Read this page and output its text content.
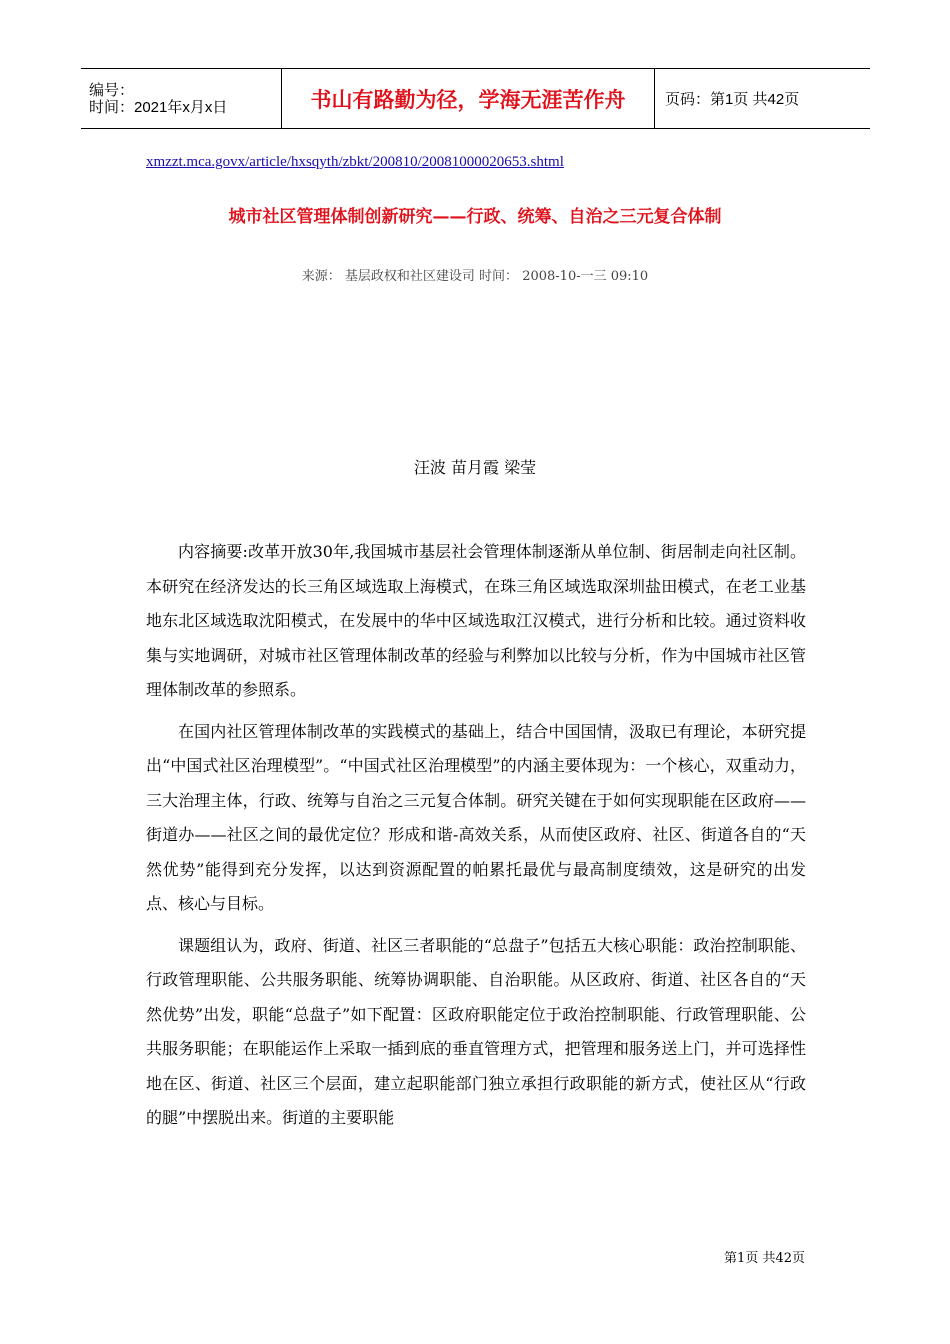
编号：
时间：2021年x月x日	书山有路勤为径，学海无涯苦作舟	页码：第1页 共42页
xmzzt.mca.govx/article/hxsqyth/zbkt/200810/20081000020653.shtml
城市社区管理体制创新研究——行政、统筹、自治之三元复合体制
来源： 基层政权和社区建设司 时间： 2008-10-一三 09:10
汪波 苗月霞 梁莹

内容摘要:改革开放30年,我国城市基层社会管理体制逐渐从单位制、街居制走向社区制。本研究在经济发达的长三角区域选取上海模式，在珠三角区域选取深圳盐田模式，在老工业基地东北区域选取沈阳模式，在发展中的华中区域选取江汉模式，进行分析和比较。通过资料收集与实地调研，对城市社区管理体制改革的经验与利弊加以比较与分析，作为中国城市社区管理体制改革的参照系。

在国内社区管理体制改革的实践模式的基础上，结合中国国情，汲取已有理论，本研究提出“中国式社区治理模型”。“中国式社区治理模型”的内涵主要体现为：一个核心，双重动力，三大治理主体，行政、统筹与自治之三元复合体制。研究关键在于如何实现职能在区政府——街道办——社区之间的最优定位？形成和谐-高效关系，从而使区政府、社区、街道各自的“天然优势”能得到充分发挥，以达到资源配置的帕累托最优与最高制度绩效，这是研究的出发点、核心与目标。

课题组认为，政府、街道、社区三者职能的“总盘子”包括五大核心职能：政治控制职能、行政管理职能、公共服务职能、统筹协调职能、自治职能。从区政府、街道、社区各自的“天然优势”出发，职能“总盘子”如下配置：区政府职能定位于政治控制职能、行政管理职能、公共服务职能；在职能运作上采取一插到底的垂直管理方式，把管理和服务送上门，并可选择性地在区、街道、社区三个层面，建立起职能部门独立承担行政职能的新方式，使社区从“行政的腿”中摆脱出来。街道的主要职能

第1页 共42页
